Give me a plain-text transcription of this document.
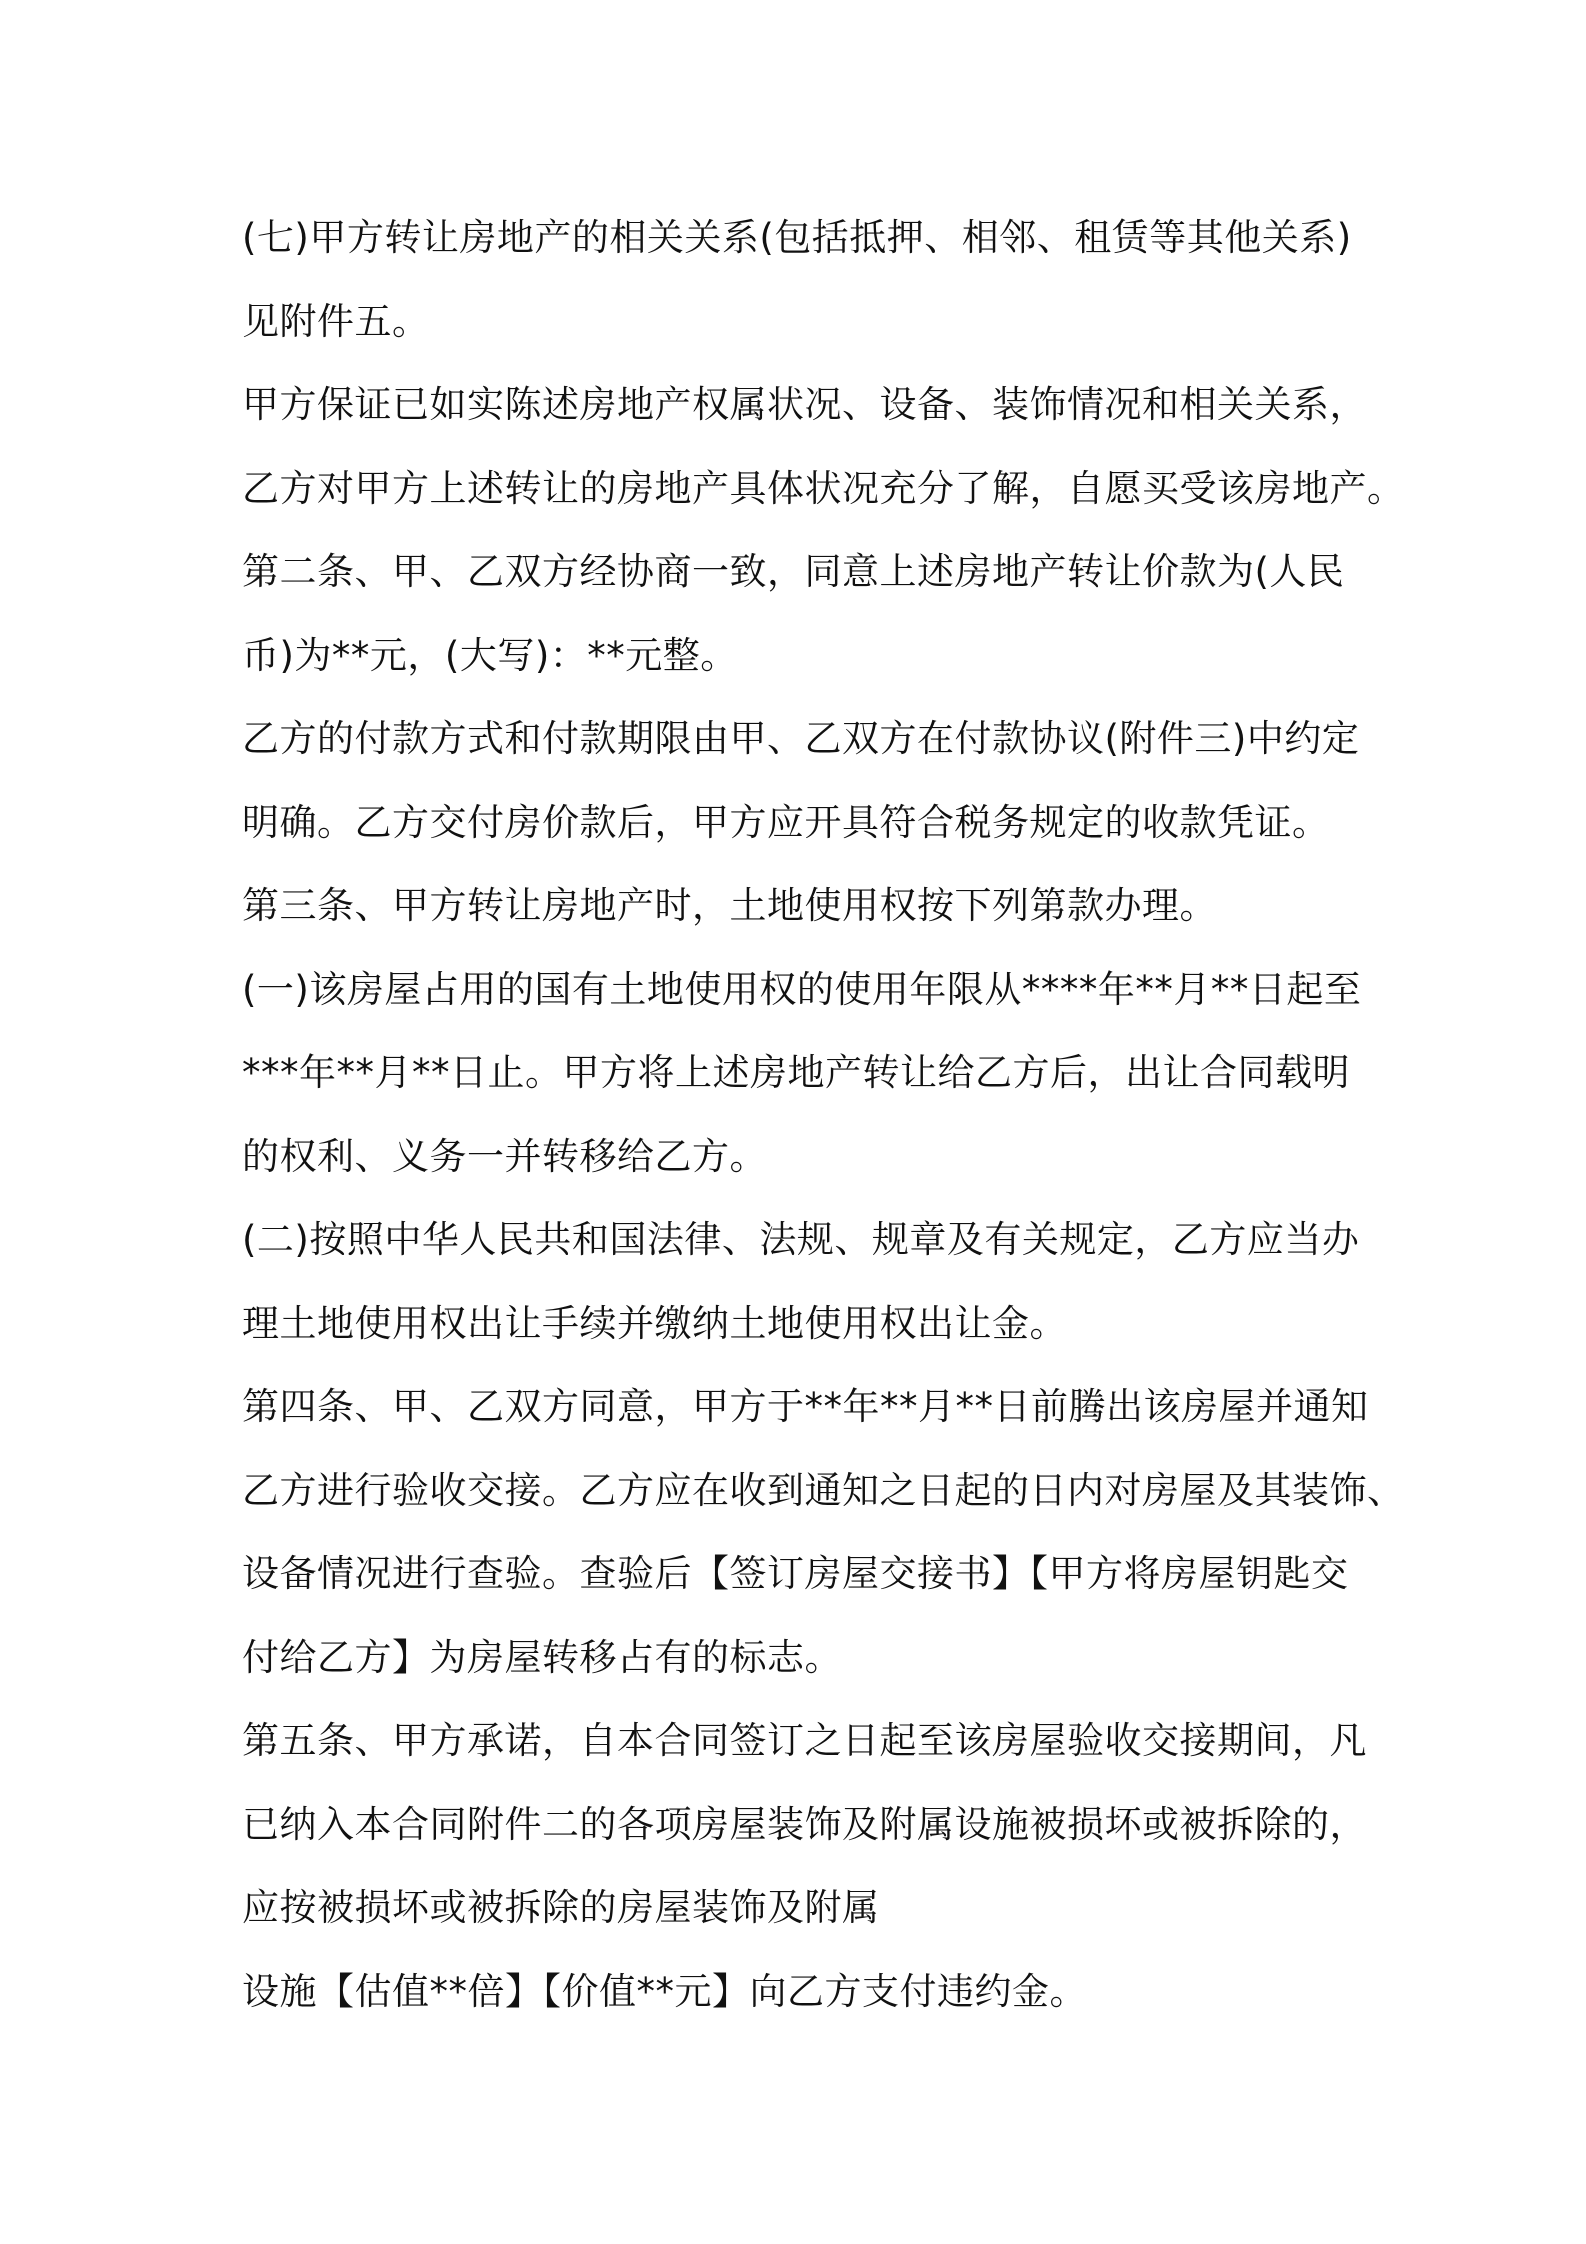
(七)甲方转让房地产的相关关系(包括抵押、相邻、租赁等其他关系)
见附件五。
甲方保证已如实陈述房地产权属状况、设备、装饰情况和相关关系，
乙方对甲方上述转让的房地产具体状况充分了解，自愿买受该房地产。
第二条、甲、乙双方经协商一致，同意上述房地产转让价款为(人民
币)为**元，(大写)：**元整。
乙方的付款方式和付款期限由甲、乙双方在付款协议(附件三)中约定
明确。乙方交付房价款后，甲方应开具符合税务规定的收款凭证。
第三条、甲方转让房地产时，土地使用权按下列第款办理。
(一)该房屋占用的国有土地使用权的使用年限从****年**月**日起至
***年**月**日止。甲方将上述房地产转让给乙方后，出让合同载明
的权利、义务一并转移给乙方。
(二)按照中华人民共和国法律、法规、规章及有关规定，乙方应当办
理土地使用权出让手续并缴纳土地使用权出让金。
第四条、甲、乙双方同意，甲方于**年**月**日前腾出该房屋并通知
乙方进行验收交接。乙方应在收到通知之日起的日内对房屋及其装饰、
设备情况进行查验。查验后【签订房屋交接书】【甲方将房屋钥匙交
付给乙方】为房屋转移占有的标志。
第五条、甲方承诺，自本合同签订之日起至该房屋验收交接期间，凡
已纳入本合同附件二的各项房屋装饰及附属设施被损坏或被拆除的，
应按被损坏或被拆除的房屋装饰及附属
设施【估值**倍】【价值**元】向乙方支付违约金。
